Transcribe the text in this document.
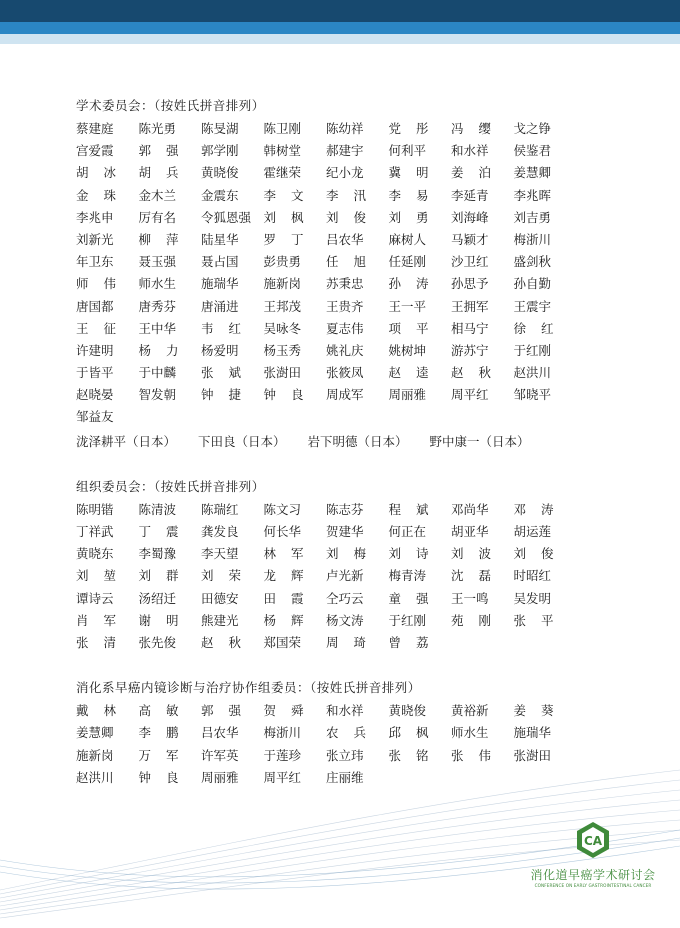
学术委员会：（按姓氏拼音排列）
蔡建庭	陈光勇	陈旻湖	陈卫刚	陈幼祥	党彤 冯缨 戈之铮
宫爱霞	郭强 郭学刚	韩树堂	郝建宇	何利平	和水祥	侯鉴君
胡冰 胡兵 黄晓俊	霍继荣	纪小龙	冀明 姜泊 姜慧卿
金珠 金木兰	金震东	李文 李汛 李易 李延青	李兆晖
李兆申	厉有名	令狐恩强 刘枫 刘俊 刘勇 刘海峰	刘吉勇
刘新光	柳萍 陆星华	罗丁 吕农华	麻树人	马颖才	梅浙川
年卫东	聂玉强	聂占国	彭贵勇	任旭 任延刚	沙卫红	盛剑秋
师伟 师水生	施瑞华	施新岗	苏秉忠	孙涛 孙思予	孙自勤
唐国都	唐秀芬	唐涌进	王邦茂	王贵齐	王一平	王拥军	王震宇
王征 王中华	韦红 吴咏冬	夏志伟	项平 相马宁	徐红
许建明	杨力 杨爱明	杨玉秀	姚礼庆	姚树坤	游苏宁	于红刚
于皆平	于中麟	张斌 张澍田	张筱凤	赵逵 赵秋 赵洪川
赵晓晏	智发朝	钟捷 钟良 周成军	周丽雅	周平红	邹晓平
邹益友
泷泽耕平（日本） 下田良（日本） 岩下明德（日本） 野中康一（日本）
组织委员会：（按姓氏拼音排列）
陈明锴	陈清波	陈瑞红	陈文习	陈志芬	程斌 邓尚华	邓涛
丁祥武	丁震 龚发良	何长华	贺建华	何正在	胡亚华	胡运莲
黄晓东	李蜀豫	李天望	林军 刘梅 刘诗 刘波 刘俊
刘堃 刘群 刘荣 龙辉 卢光新	梅青涛	沈磊 时昭红
谭诗云	汤绍迁	田德安	田霞 仝巧云	童强 王一鸣	吴发明
肖军 谢明 熊建光	杨辉 杨文涛	于红刚	苑刚 张平
张清 张先俊	赵秋 郑国荣	周琦 曾荔
消化系早癌内镜诊断与治疗协作组委员：（按姓氏拼音排列）
戴林 高敏 郭强 贺舜 和水祥	黄晓俊	黄裕新	姜葵
姜慧卿	李鹏 吕农华	梅浙川	农兵 邱枫 师水生	施瑞华
施新岗	万军 许军英	于莲珍	张立玮	张铭 张伟 张澍田
赵洪川	钟良 周丽雅	周平红	庄丽维
CA
消化道早癌学术研讨会
CONFERENCE ON EARLY GASTROINTESTINAL CANCER
